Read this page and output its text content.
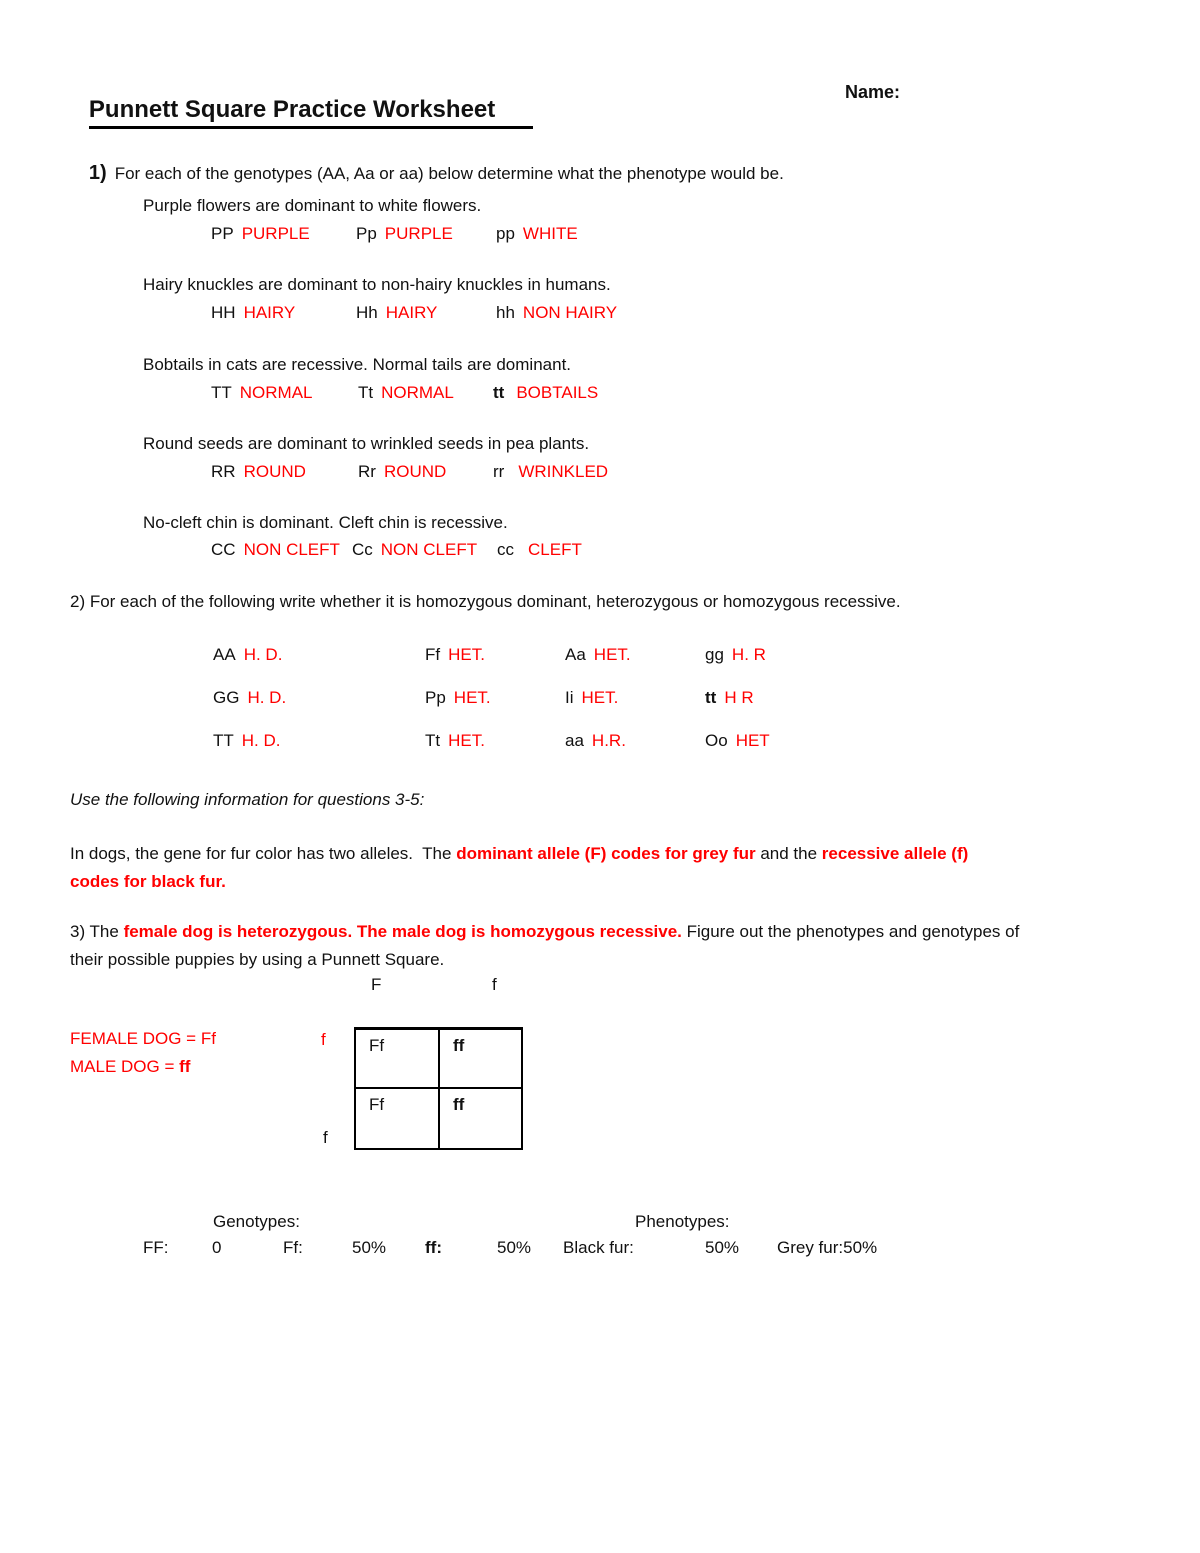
Punnett Square Practice Worksheet

Name:

1) For each of the genotypes (AA, Aa or aa) below determine what the phenotype would be.

Purple flowers are dominant to white flowers.
PP PURPLE	Pp PURPLE	pp WHITE
Hairy knuckles are dominant to non-hairy knuckles in humans.
HH HAIRY	Hh HAIRY	hh NON HAIRY
Bobtails in cats are recessive. Normal tails are dominant.
TT NORMAL	Tt NORMAL tt BOBTAILS
Round seeds are dominant to wrinkled seeds in pea plants.
RR ROUND	Rr ROUND	rr WRINKLED
No-cleft chin is dominant. Cleft chin is recessive.
CC NON CLEFT Cc NON CLEFT cc CLEFT
2) For each of the following write whether it is homozygous dominant, heterozygous or homozygous recessive.
AA H. D.	Ff HET.	Aa HET.	gg H. R
GG H. D.	Pp HET.	Ii HET.	tt H R
TT H. D.	Tt HET.	aa H.R.	Oo HET
Use the following information for questions 3-5:
In dogs, the gene for fur color has two alleles.  The dominant allele (F) codes for grey fur and the recessive allele (f)
codes for black fur.
3) The female dog is heterozygous. The male dog is homozygous recessive. Figure out the phenotypes and genotypes of
their possible puppies by using a Punnett Square.
F	f
FEMALE DOG = Ff
MALE DOG = ff
f
f
Ff	ff
Ff	ff
Genotypes:	Phenotypes:
FF:	0	Ff:	50% ff:	50% Black fur:	50% Grey fur:50%
